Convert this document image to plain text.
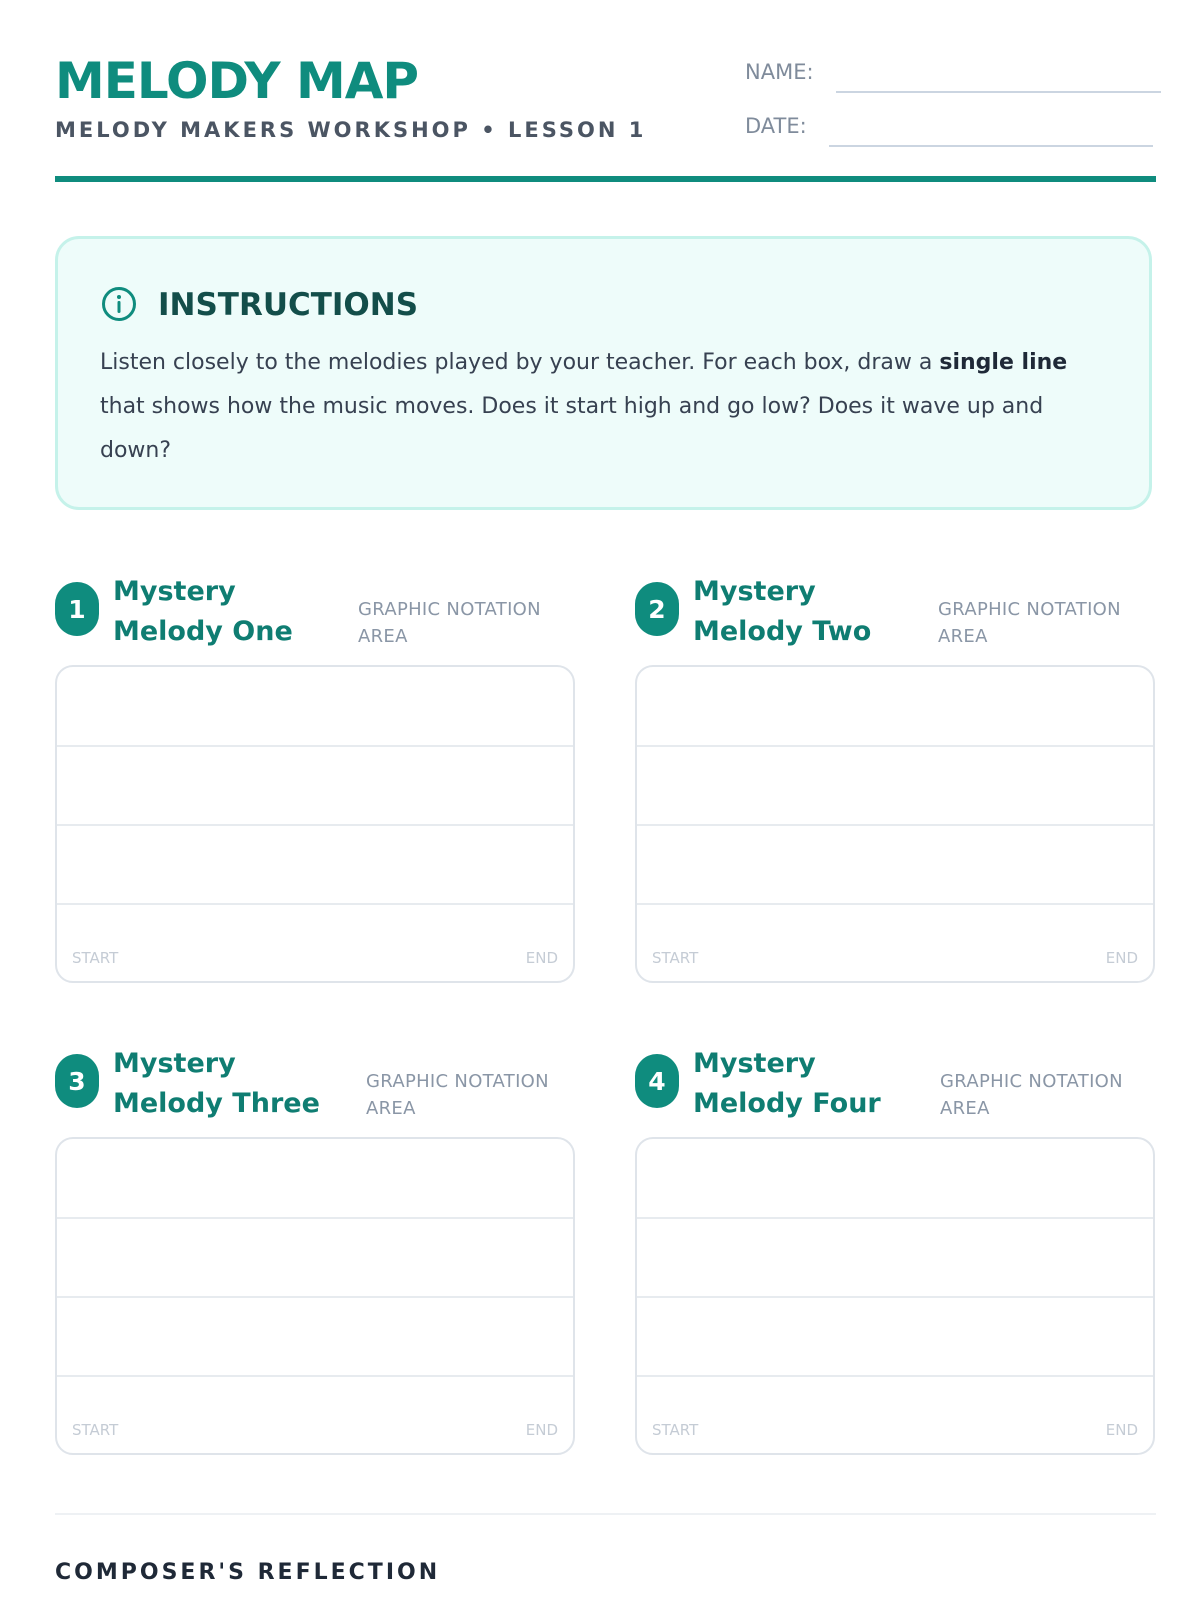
MELODY MAP
MELODY MAKERS WORKSHOP • LESSON 1
NAME:
DATE:
INSTRUCTIONS

Listen closely to the melodies played by your teacher. For each box, draw a single line that shows how the music moves. Does it start high and go low? Does it wave up and down?

1
Mystery Melody One
GRAPHIC NOTATION AREA
START	END
2
Mystery Melody Two
GRAPHIC NOTATION AREA
START	END
3
Mystery Melody Three
GRAPHIC NOTATION AREA
START	END
4
Mystery Melody Four
GRAPHIC NOTATION AREA
START	END
COMPOSER'S REFLECTION
